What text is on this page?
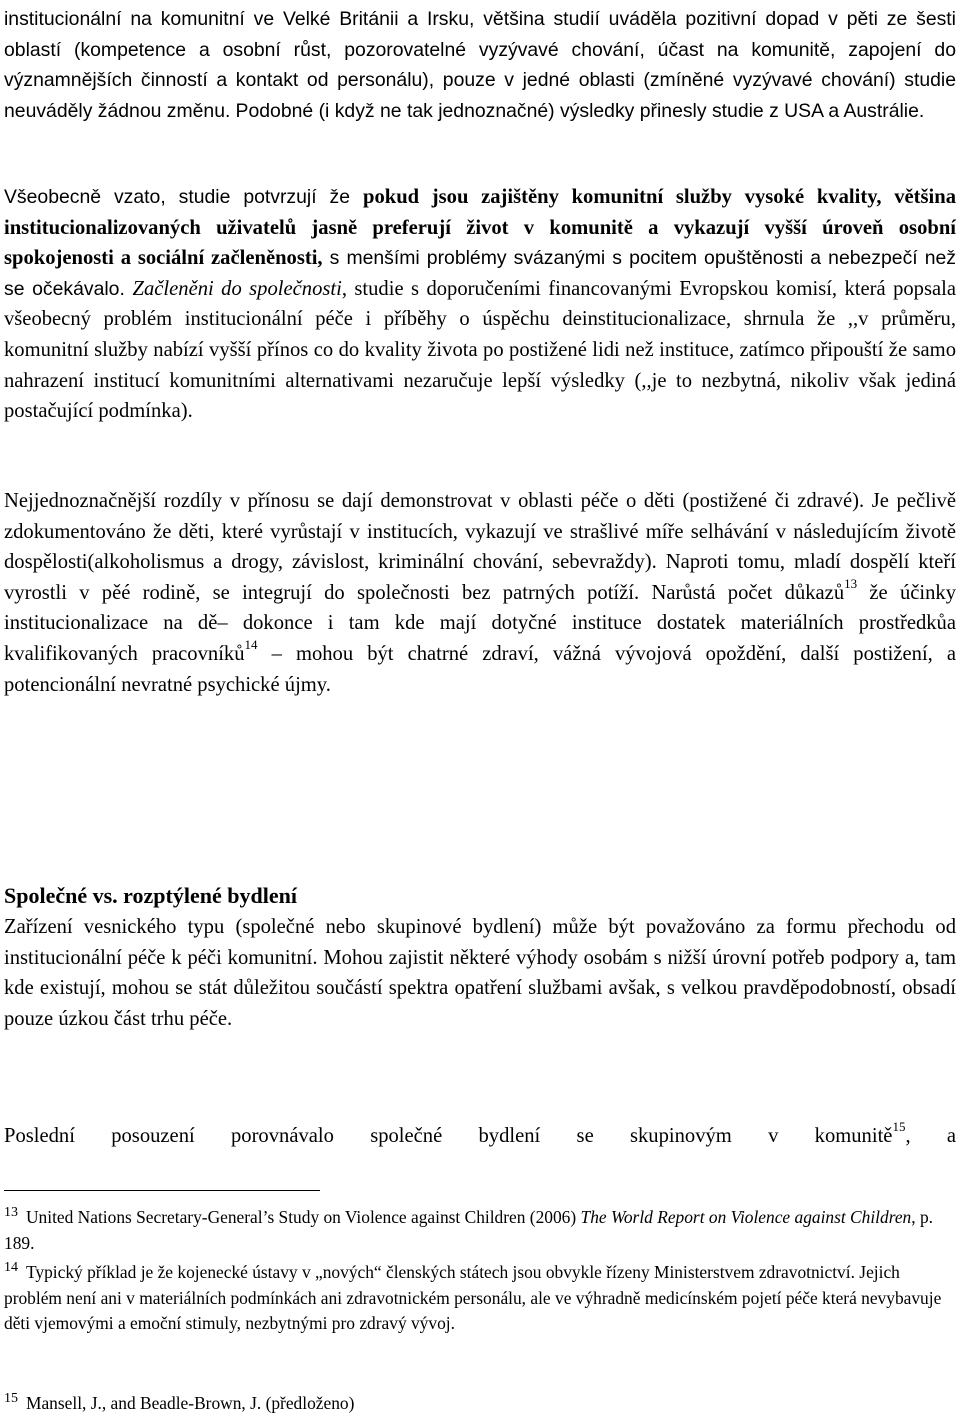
institucionální na komunitní ve Velké Británii a Irsku, většina studií uváděla pozitivní dopad v pěti ze šesti oblastí (kompetence a osobní růst, pozorovatelné vyzývavé chování, účast na komunitě, zapojení do významnějších činností a kontakt od personálu), pouze v jedné oblasti (zmíněné vyzývavé chování) studie neuváděly žádnou změnu. Podobné (i když ne tak jednoznačné) výsledky přinesly studie z USA a Austrálie.

Všeobecně vzato, studie potvrzují že pokud jsou zajištěny komunitní služby vysoké kvality, většina institucionalizovaných uživatelů jasně preferují život v komunitě a vykazují vyšší úroveň osobní spokojenosti a sociální začleněnosti, s menšími problémy svázanými s pocitem opuštěnosti a nebezpečí než se očekávalo. Začleněni do společnosti, studie s doporučeními financovanými Evropskou komisí, která popsala všeobecný problém institucionální péče i příběhy o úspěchu deinstitucionalizace, shrnula že ,,v průměru, komunitní služby nabízí vyšší přínos co do kvality života po postižené lidi než instituce, zatímco připouští že samo nahrazení institucí komunitními alternativami nezaručuje lepší výsledky (,,je to nezbytná, nikoliv však jediná postačující podmínka).

Nejjednoznačnější rozdíly v přínosu se dají demonstrovat v oblasti péče o děti (postižené či zdravé). Je pečlivě zdokumentováno že děti, které vyrůstají v institucích, vykazují ve strašlivé míře selhávání v následujícím životě dospělosti(alkoholismus a drogy, závislost, kriminální chování, sebevraždy). Naproti tomu, mladí dospělí kteří vyrostli v pěé rodině, se integrují do společnosti bez patrných potíží. Narůstá počet důkazů$^{13}$ že účinky institucionalizace na dě– dokonce i tam kde mají dotyčné instituce dostatek materiálních prostředkůa kvalifikovaných pracovníků$^{14}$ – mohou být chatrné zdraví, vážná vývojová opoždění, další postižení, a potencionální nevratné psychické újmy.

Společné vs. rozptýlené bydlení

Zařízení vesnického typu (společné nebo skupinové bydlení) může být považováno za formu přechodu od institucionální péče k péči komunitní. Mohou zajistit některé výhody osobám s nižší úrovní potřeb podpory a, tam kde existují, mohou se stát důležitou součástí spektra opatření službami avšak, s velkou pravděpodobností, obsadí pouze úzkou část trhu péče.

Poslední posouzení porovnávalo společné bydlení se skupinovým v komunitě$^{15}$, a

$^{13}$ United Nations Secretary-General’s Study on Violence against Children (2006) The World Report on Violence against Children, p. 189.

$^{14}$ Typický příklad je že kojenecké ústavy v „nových“ členských státech jsou obvykle řízeny Ministerstvem zdravotnictví. Jejich problém není ani v materiálních podmínkách ani zdravotnickém personálu, ale ve výhradně medicínském pojetí péče která nevybavuje děti vjemovými a emoční stimuly, nezbytnými pro zdravý vývoj.

$^{15}$ Mansell, J., and Beadle-Brown, J. (předloženo)
